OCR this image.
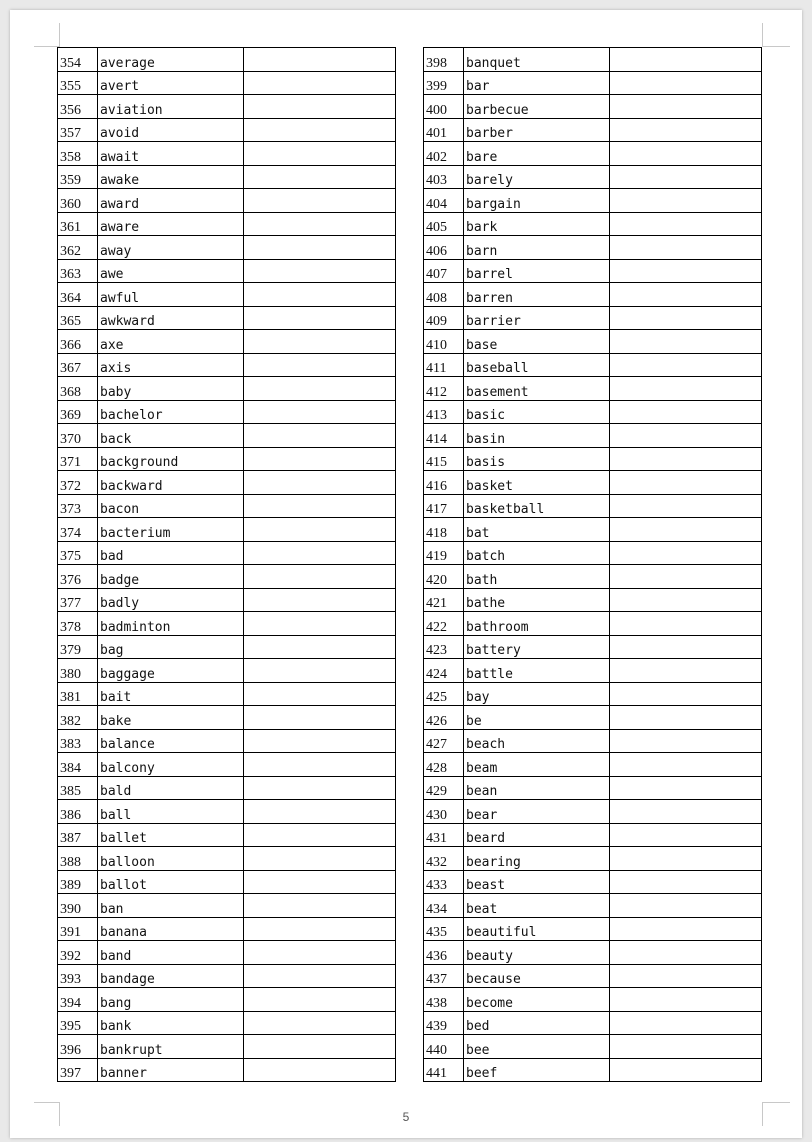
354	average	
355	avert	
356	aviation	
357	avoid	
358	await	
359	awake	
360	award	
361	aware	
362	away	
363	awe	
364	awful	
365	awkward	
366	axe	
367	axis	
368	baby	
369	bachelor	
370	back	
371	background	
372	backward	
373	bacon	
374	bacterium	
375	bad	
376	badge	
377	badly	
378	badminton	
379	bag	
380	baggage	
381	bait	
382	bake	
383	balance	
384	balcony	
385	bald	
386	ball	
387	ballet	
388	balloon	
389	ballot	
390	ban	
391	banana	
392	band	
393	bandage	
394	bang	
395	bank	
396	bankrupt	
397	banner	
398	banquet	
399	bar	
400	barbecue	
401	barber	
402	bare	
403	barely	
404	bargain	
405	bark	
406	barn	
407	barrel	
408	barren	
409	barrier	
410	base	
411	baseball	
412	basement	
413	basic	
414	basin	
415	basis	
416	basket	
417	basketball	
418	bat	
419	batch	
420	bath	
421	bathe	
422	bathroom	
423	battery	
424	battle	
425	bay	
426	be	
427	beach	
428	beam	
429	bean	
430	bear	
431	beard	
432	bearing	
433	beast	
434	beat	
435	beautiful	
436	beauty	
437	because	
438	become	
439	bed	
440	bee	
441	beef	
5
